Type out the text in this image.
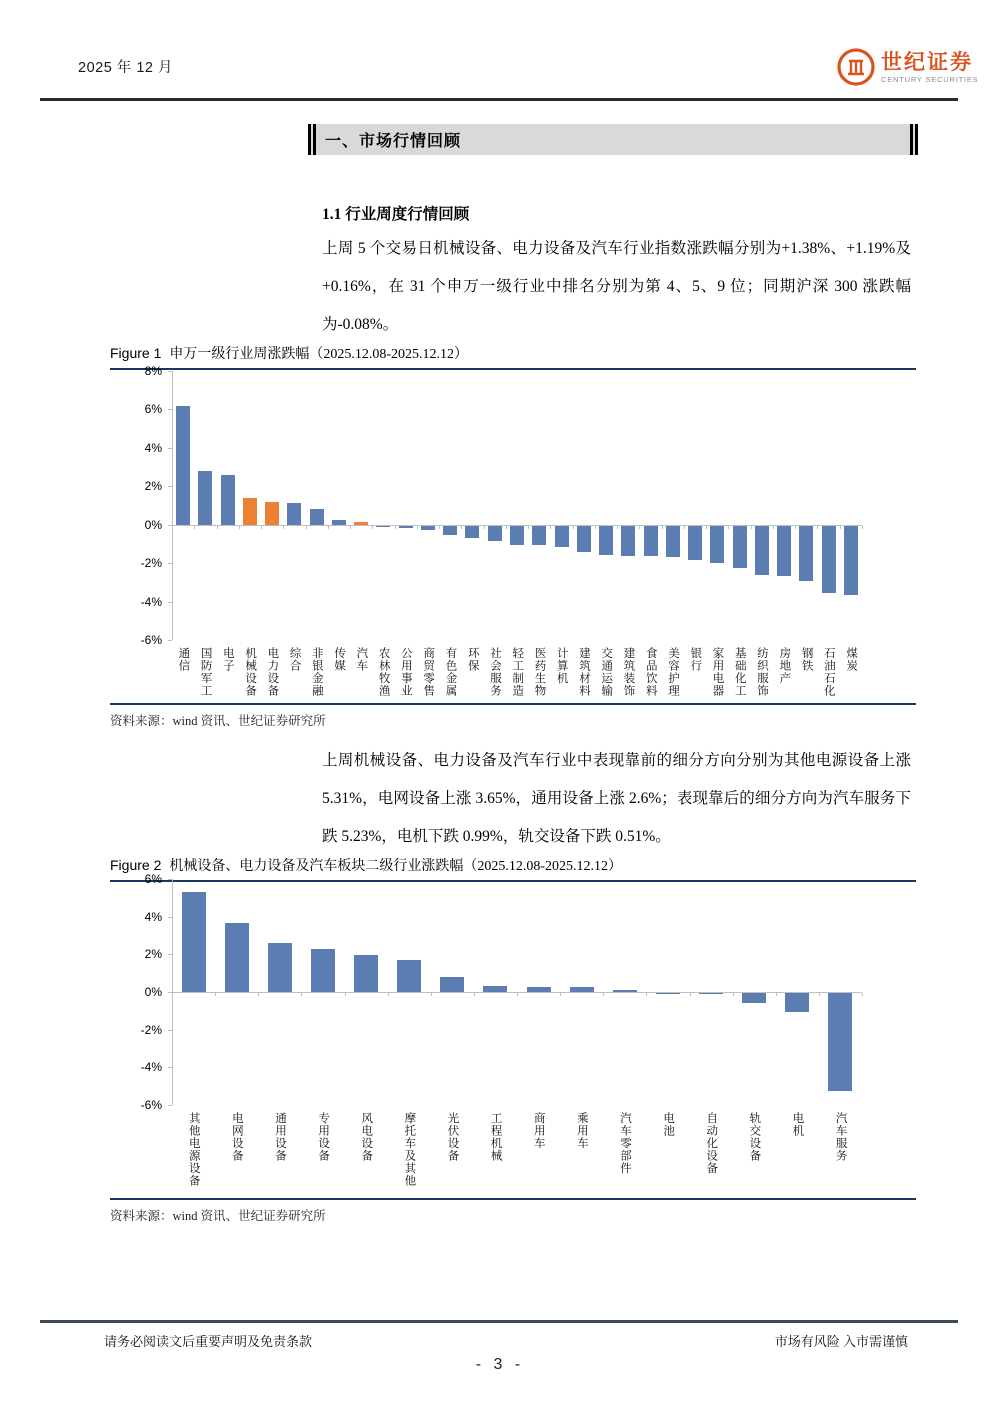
2025 年 12 月	世纪证券
CENTURY SECURITIES
一、市场行情回顾
1.1 行业周度行情回顾
上周 5 个交易日机械设备、电力设备及汽车行业指数涨跌幅分别为+1.38%、+1.19%及+0.16%，在 31 个申万一级行业中排名分别为第 4、5、9 位；同期沪深 300 涨跌幅为-0.08%。
Figure 1 申万一级行业周涨跌幅（2025.12.08-2025.12.12）
8%
6%
4%
2%
0%
-2%
-4%
-6%
通信 国防军工 电子 机械设备 电力设备 综合 非银金融 传媒 汽车 农林牧渔 公用事业 商贸零售 有色金属 环保 社会服务 轻工制造 医药生物 计算机 建筑材料 交通运输 建筑装饰 食品饮料 美容护理 银行 家用电器 基础化工 纺织服饰 房地产 钢铁 石油石化 煤炭
资料来源：wind 资讯、世纪证券研究所
上周机械设备、电力设备及汽车行业中表现靠前的细分方向分别为其他电源设备上涨 5.31%，电网设备上涨 3.65%，通用设备上涨 2.6%；表现靠后的细分方向为汽车服务下跌 5.23%，电机下跌 0.99%，轨交设备下跌 0.51%。
Figure 2 机械设备、电力设备及汽车板块二级行业涨跌幅（2025.12.08-2025.12.12）
6%
4%
2%
0%
-2%
-4%
-6%
其他电源设备	电网设备	通用设备	专用设备	风电设备	摩托车及其他	光伏设备	工程机械	商用车	乘用车	汽车零部件	电池	自动化设备	轨交设备	电机	汽车服务
资料来源：wind 资讯、世纪证券研究所
请务必阅读文后重要声明及免责条款	市场有风险 入市需谨慎
- 3 -
